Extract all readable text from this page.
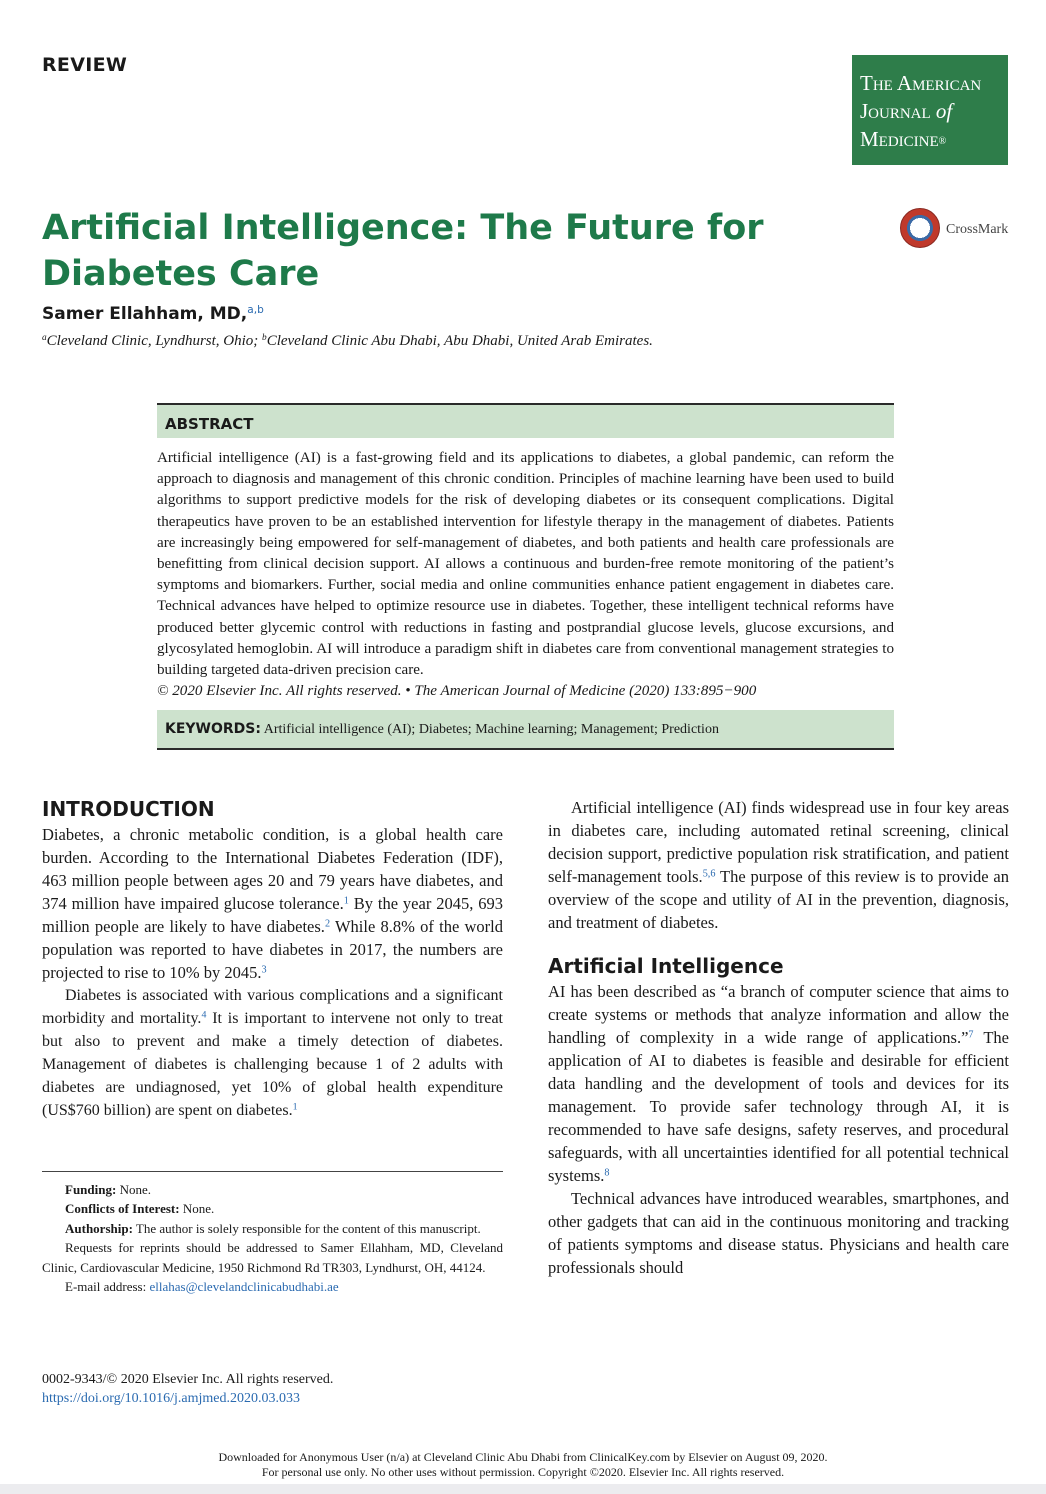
REVIEW
The American
Journal of
Medicine®
CrossMark
Artificial Intelligence: The Future for Diabetes Care
Samer Ellahham, MD,$^{a,b}$
$^a$Cleveland Clinic, Lyndhurst, Ohio; $^b$Cleveland Clinic Abu Dhabi, Abu Dhabi, United Arab Emirates.
ABSTRACT
Artificial intelligence (AI) is a fast-growing field and its applications to diabetes, a global pandemic, can reform the approach to diagnosis and management of this chronic condition. Principles of machine learning have been used to build algorithms to support predictive models for the risk of developing diabetes or its consequent complications. Digital therapeutics have proven to be an established intervention for lifestyle therapy in the management of diabetes. Patients are increasingly being empowered for self-management of diabetes, and both patients and health care professionals are benefitting from clinical decision support. AI allows a continuous and burden-free remote monitoring of the patient’s symptoms and biomarkers. Further, social media and online communities enhance patient engagement in diabetes care. Technical advances have helped to optimize resource use in diabetes. Together, these intelligent technical reforms have produced better glycemic control with reductions in fasting and postprandial glucose levels, glucose excursions, and glycosylated hemoglobin. AI will introduce a paradigm shift in diabetes care from conventional management strategies to building targeted data-driven precision care.
© 2020 Elsevier Inc. All rights reserved. • The American Journal of Medicine (2020) 133:895−900
KEYWORDS: Artificial intelligence (AI); Diabetes; Machine learning; Management; Prediction
INTRODUCTION

Diabetes, a chronic metabolic condition, is a global health care burden. According to the International Diabetes Federation (IDF), 463 million people between ages 20 and 79 years have diabetes, and 374 million have impaired glucose tolerance.$^1$ By the year 2045, 693 million people are likely to have diabetes.$^2$ While 8.8% of the world population was reported to have diabetes in 2017, the numbers are projected to rise to 10% by 2045.$^3$

Diabetes is associated with various complications and a significant morbidity and mortality.$^4$ It is important to intervene not only to treat but also to prevent and make a timely detection of diabetes. Management of diabetes is challenging because 1 of 2 adults with diabetes are undiagnosed, yet 10% of global health expenditure (US$760 billion) are spent on diabetes.$^1$

Artificial intelligence (AI) finds widespread use in four key areas in diabetes care, including automated retinal screening, clinical decision support, predictive population risk stratification, and patient self-management tools.$^{5,6}$ The purpose of this review is to provide an overview of the scope and utility of AI in the prevention, diagnosis, and treatment of diabetes.

Artificial Intelligence

AI has been described as “a branch of computer science that aims to create systems or methods that analyze information and allow the handling of complexity in a wide range of applications.”$^7$ The application of AI to diabetes is feasible and desirable for efficient data handling and the development of tools and devices for its management. To provide safer technology through AI, it is recommended to have safe designs, safety reserves, and procedural safeguards, with all uncertainties identified for all potential technical systems.$^8$

Technical advances have introduced wearables, smartphones, and other gadgets that can aid in the continuous monitoring and tracking of patients symptoms and disease status. Physicians and health care professionals should

Funding: None.

Conflicts of Interest: None.

Authorship: The author is solely responsible for the content of this manuscript.

Requests for reprints should be addressed to Samer Ellahham, MD, Cleveland Clinic, Cardiovascular Medicine, 1950 Richmond Rd TR303, Lyndhurst, OH, 44124.

E-mail address: ellahas@clevelandclinicabudhabi.ae

0002-9343/© 2020 Elsevier Inc. All rights reserved.
https://doi.org/10.1016/j.amjmed.2020.03.033
Downloaded for Anonymous User (n/a) at Cleveland Clinic Abu Dhabi from ClinicalKey.com by Elsevier on August 09, 2020.
For personal use only. No other uses without permission. Copyright ©2020. Elsevier Inc. All rights reserved.
